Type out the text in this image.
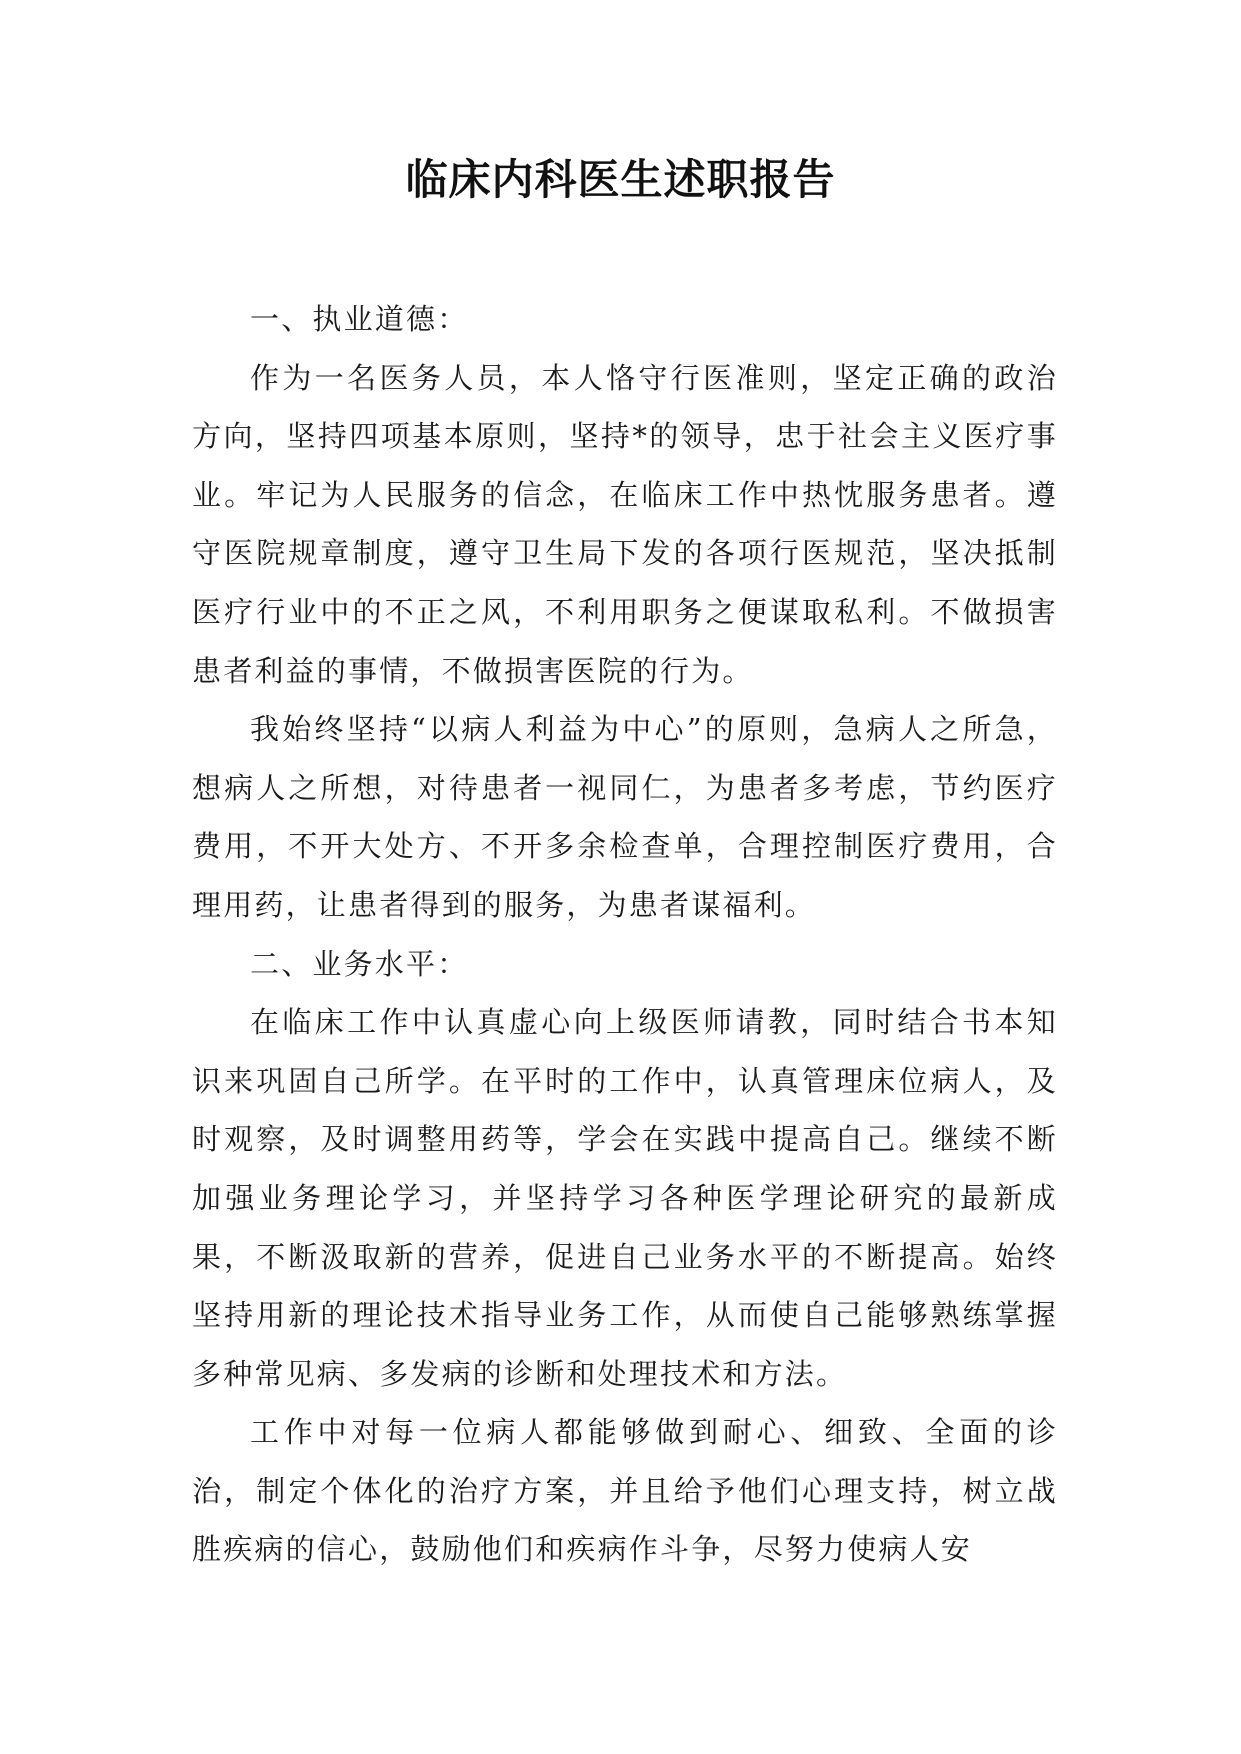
临床内科医生述职报告

一、执业道德：

作为一名医务人员，本人恪守行医准则，坚定正确的政治方向，坚持四项基本原则，坚持*的领导，忠于社会主义医疗事业。牢记为人民服务的信念，在临床工作中热忱服务患者。遵守医院规章制度，遵守卫生局下发的各项行医规范，坚决抵制医疗行业中的不正之风，不利用职务之便谋取私利。不做损害患者利益的事情，不做损害医院的行为。

我始终坚持“以病人利益为中心”的原则，急病人之所急，想病人之所想，对待患者一视同仁，为患者多考虑，节约医疗费用，不开大处方、不开多余检查单，合理控制医疗费用，合理用药，让患者得到的服务，为患者谋福利。

二、业务水平：

在临床工作中认真虚心向上级医师请教，同时结合书本知识来巩固自己所学。在平时的工作中，认真管理床位病人，及时观察，及时调整用药等，学会在实践中提高自己。继续不断加强业务理论学习，并坚持学习各种医学理论研究的最新成果，不断汲取新的营养，促进自己业务水平的不断提高。始终坚持用新的理论技术指导业务工作，从而使自己能够熟练掌握多种常见病、多发病的诊断和处理技术和方法。

工作中对每一位病人都能够做到耐心、细致、全面的诊治，制定个体化的治疗方案，并且给予他们心理支持，树立战胜疾病的信心，鼓励他们和疾病作斗争，尽努力使病人安
